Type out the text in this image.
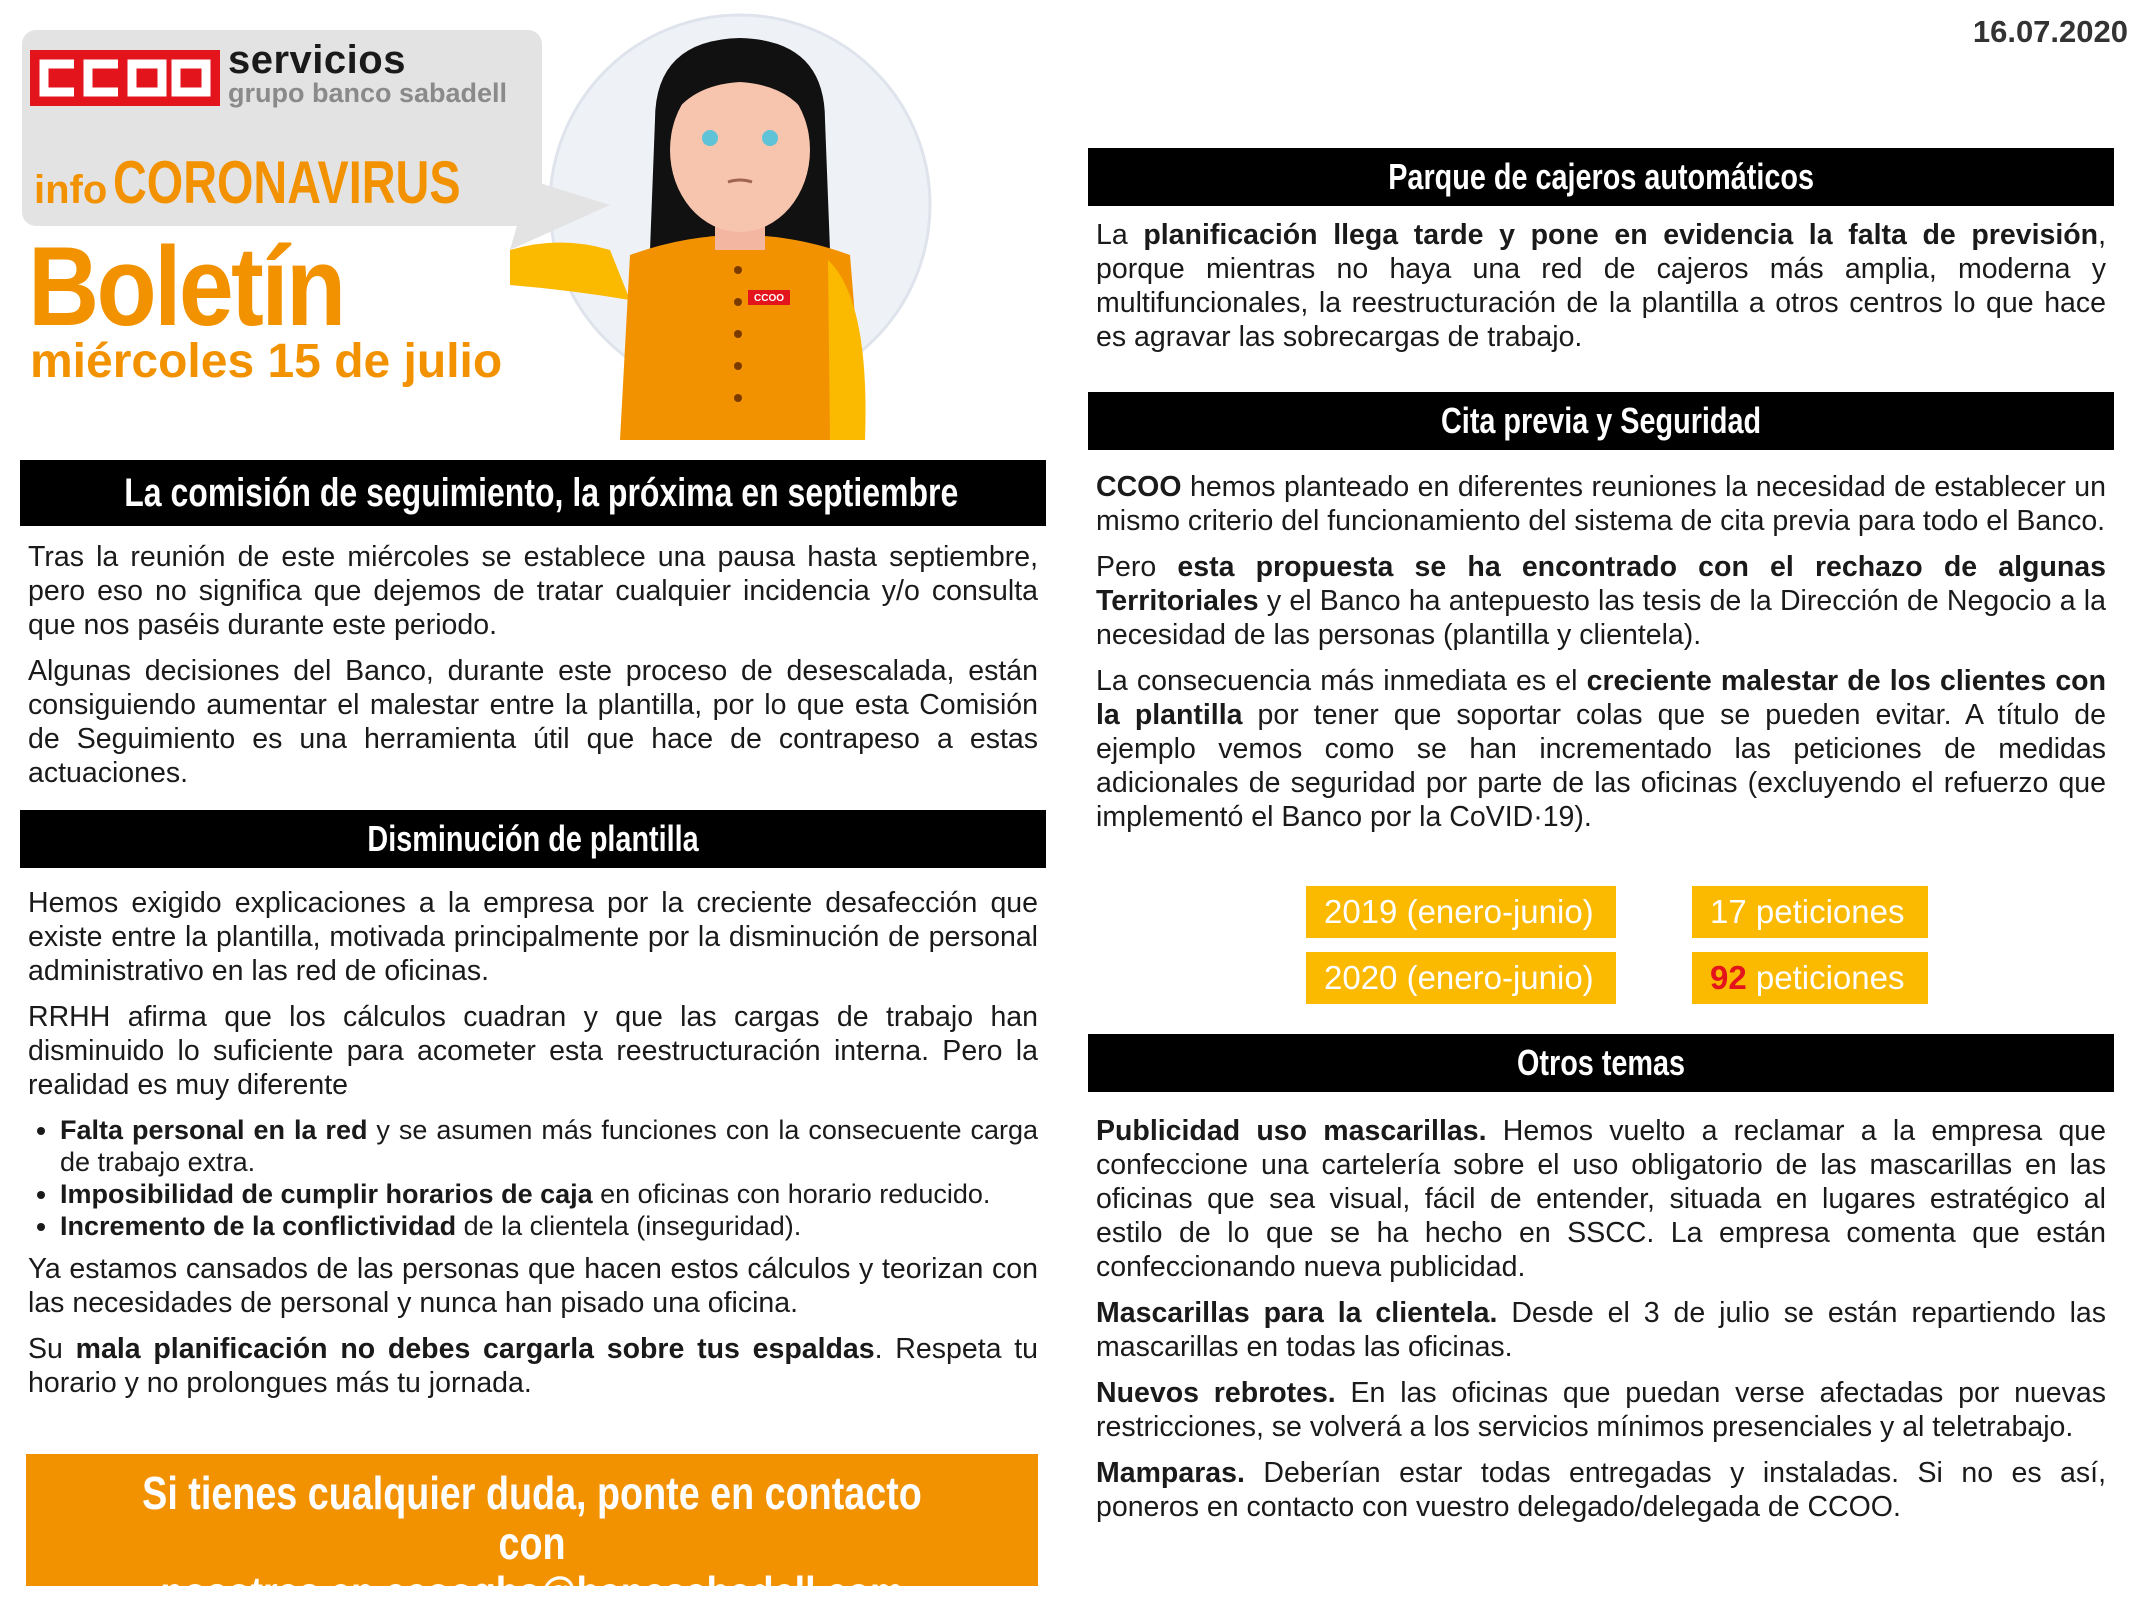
16.07.2020
servicios
grupo banco sabadell
info CORONAVIRUS
Boletín
miércoles 15 de julio
CCOO
La comisión de seguimiento, la próxima en septiembre

Tras la reunión de este miércoles se establece una pausa hasta septiembre, pero eso no significa que dejemos de tratar cualquier incidencia y/o consulta que nos paséis durante este periodo.

Algunas decisiones del Banco, durante este proceso de desescalada, están consiguiendo aumentar el malestar entre la plantilla, por lo que esta Comisión de Seguimiento es una herramienta útil que hace de contrapeso a estas actuaciones.

Disminución de plantilla

Hemos exigido explicaciones a la empresa por la creciente desafección que existe entre la plantilla, motivada principalmente por la disminución de personal administrativo en las red de oficinas.

RRHH afirma que los cálculos cuadran y que las cargas de trabajo han disminuido lo suficiente para acometer esta reestructuración interna. Pero la realidad es muy diferente

• Falta personal en la red y se asumen más funciones con la consecuente carga de trabajo extra.
• Imposibilidad de cumplir horarios de caja en oficinas con horario reducido.
• Incremento de la conflictividad de la clientela (inseguridad).

Ya estamos cansados de las personas que hacen estos cálculos y teorizan con las necesidades de personal y nunca han pisado una oficina.

Su mala planificación no debes cargarla sobre tus espaldas. Respeta tu horario y no prolongues más tu jornada.

Si tienes cualquier duda, ponte en contacto con
nosotras en ccoogbs@bancsabadell.com
Parque de cajeros automáticos

La planificación llega tarde y pone en evidencia la falta de previsión, porque mientras no haya una red de cajeros más amplia, moderna y multifuncionales, la reestructuración de la plantilla a otros centros lo que hace es agravar las sobrecargas de trabajo.

Cita previa y Seguridad

CCOO hemos planteado en diferentes reuniones la necesidad de establecer un mismo criterio del funcionamiento del sistema de cita previa para todo el Banco.

Pero esta propuesta se ha encontrado con el rechazo de algunas Territoriales y el Banco ha antepuesto las tesis de la Dirección de Negocio a la necesidad de las personas (plantilla y clientela).

La consecuencia más inmediata es el creciente malestar de los clientes con la plantilla por tener que soportar colas que se pueden evitar. A título de ejemplo vemos como se han incrementado las peticiones de medidas adicionales de seguridad por parte de las oficinas (excluyendo el refuerzo que implementó el Banco por la CoVID·19).

2019 (enero-junio)	17 peticiones
2020 (enero-junio)	92 peticiones
Otros temas

Publicidad uso mascarillas. Hemos vuelto a reclamar a la empresa que confeccione una cartelería sobre el uso obligatorio de las mascarillas en las oficinas que sea visual, fácil de entender, situada en lugares estratégico al estilo de lo que se ha hecho en SSCC. La empresa comenta que están confeccionando nueva publicidad.

Mascarillas para la clientela. Desde el 3 de julio se están repartiendo las mascarillas en todas las oficinas.

Nuevos rebrotes. En las oficinas que puedan verse afectadas por nuevas restricciones, se volverá a los servicios mínimos presenciales y al teletrabajo.

Mamparas. Deberían estar todas entregadas y instaladas. Si no es así, poneros en contacto con vuestro delegado/delegada de CCOO.
